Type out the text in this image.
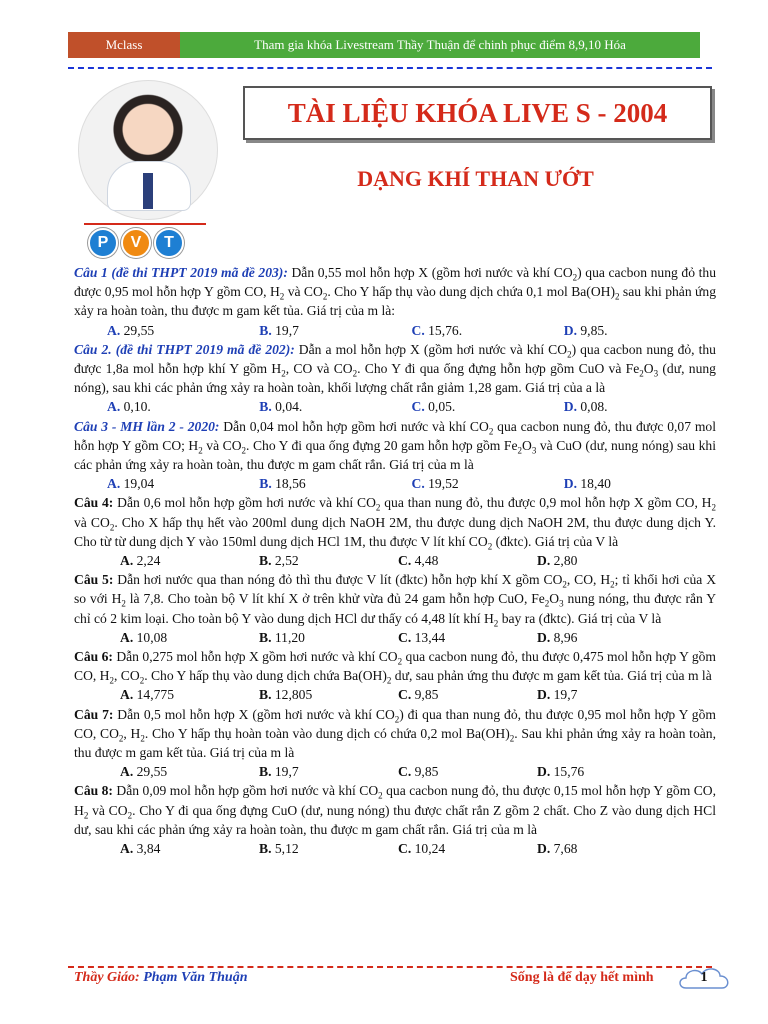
Mclass	Tham gia khóa Livestream Thầy Thuận để chinh phục điểm 8,9,10 Hóa
P	V	T
TÀI LIỆU KHÓA LIVE S - 2004
DẠNG KHÍ THAN ƯỚT

Câu 1 (đề thi THPT 2019 mã đề 203): Dẫn 0,55 mol hỗn hợp X (gồm hơi nước và khí $CO_2$) qua cacbon nung đỏ thu được 0,95 mol hỗn hợp Y gồm CO, $H_2$ và $CO_2$. Cho Y hấp thụ vào dung dịch chứa 0,1 mol $Ba(OH)_2$ sau khi phản ứng xảy ra hoàn toàn, thu được m gam kết tủa. Giá trị của m là:

A. 29,55	B. 19,7	C. 15,76.	D. 9,85.

Câu 2. (đề thi THPT 2019 mã đề 202): Dẫn a mol hỗn hợp X (gồm hơi nước và khí $CO_2$) qua cacbon nung đỏ, thu được 1,8a mol hỗn hợp khí Y gồm $H_2$, CO và $CO_2$. Cho Y đi qua ống đựng hỗn hợp gồm CuO và $Fe_2O_3$ (dư, nung nóng), sau khi các phản ứng xảy ra hoàn toàn, khối lượng chất rắn giảm 1,28 gam. Giá trị của a là

A. 0,10.	B. 0,04.	C. 0,05.	D. 0,08.

Câu 3 - MH lần 2 - 2020: Dẫn 0,04 mol hỗn hợp gồm hơi nước và khí $CO_2$ qua cacbon nung đỏ, thu được 0,07 mol hỗn hợp Y gồm CO; $H_2$ và $CO_2$. Cho Y đi qua ống đựng 20 gam hỗn hợp gồm $Fe_2O_3$ và CuO (dư, nung nóng) sau khi các phản ứng xảy ra hoàn toàn, thu được m gam chất rắn. Giá trị của m là

A. 19,04	B. 18,56	C. 19,52	D. 18,40

Câu 4: Dẫn 0,6 mol hỗn hợp gồm hơi nước và khí $CO_2$ qua than nung đỏ, thu được 0,9 mol hỗn hợp X gồm CO, $H_2$ và $CO_2$. Cho X hấp thụ hết vào 200ml dung dịch NaOH 2M, thu được dung dịch NaOH 2M, thu được dung dịch Y. Cho từ từ dung dịch Y vào 150ml dung dịch HCl 1M, thu được V lít khí $CO_2$ (đktc). Giá trị của V là

A. 2,24	B. 2,52	C. 4,48	D. 2,80

Câu 5: Dẫn hơi nước qua than nóng đỏ thì thu được V lít (đktc) hỗn hợp khí X gồm $CO_2$, CO, $H_2$; tỉ khối hơi của X so với $H_2$ là 7,8. Cho toàn bộ V lít khí X ở trên khử vừa đủ 24 gam hỗn hợp CuO, $Fe_2O_3$ nung nóng, thu được rắn Y chỉ có 2 kim loại. Cho toàn bộ Y vào dung dịch HCl dư thấy có 4,48 lít khí $H_2$ bay ra (đktc). Giá trị của V là

A. 10,08	B. 11,20	C. 13,44	D. 8,96

Câu 6: Dẫn 0,275 mol hỗn hợp X gồm hơi nước và khí $CO_2$ qua cacbon nung đỏ, thu được 0,475 mol hỗn hợp Y gồm CO, $H_2$, $CO_2$. Cho Y hấp thụ vào dung dịch chứa $Ba(OH)_2$ dư, sau phản ứng thu được m gam kết tủa. Giá trị của m là

A. 14,775	B. 12,805	C. 9,85	D. 19,7

Câu 7: Dẫn 0,5 mol hỗn hợp X (gồm hơi nước và khí $CO_2$) đi qua than nung đỏ, thu được 0,95 mol hỗn hợp Y gồm CO, $CO_2$, $H_2$. Cho Y hấp thụ hoàn toàn vào dung dịch có chứa 0,2 mol $Ba(OH)_2$. Sau khi phản ứng xảy ra hoàn toàn, thu được m gam kết tủa. Giá trị của m là

A. 29,55	B. 19,7	C. 9,85	D. 15,76

Câu 8: Dẫn 0,09 mol hỗn hợp gồm hơi nước và khí $CO_2$ qua cacbon nung đỏ, thu được 0,15 mol hỗn hợp Y gồm CO, $H_2$ và $CO_2$. Cho Y đi qua ống đựng CuO (dư, nung nóng) thu được chất rắn Z gồm 2 chất. Cho Z vào dung dịch HCl dư, sau khi các phản ứng xảy ra hoàn toàn, thu được m gam chất rắn. Giá trị của m là

A. 3,84	B. 5,12	C. 10,24	D. 7,68
Thầy Giáo: Phạm Văn Thuận	Sống là để dạy hết mình	1
